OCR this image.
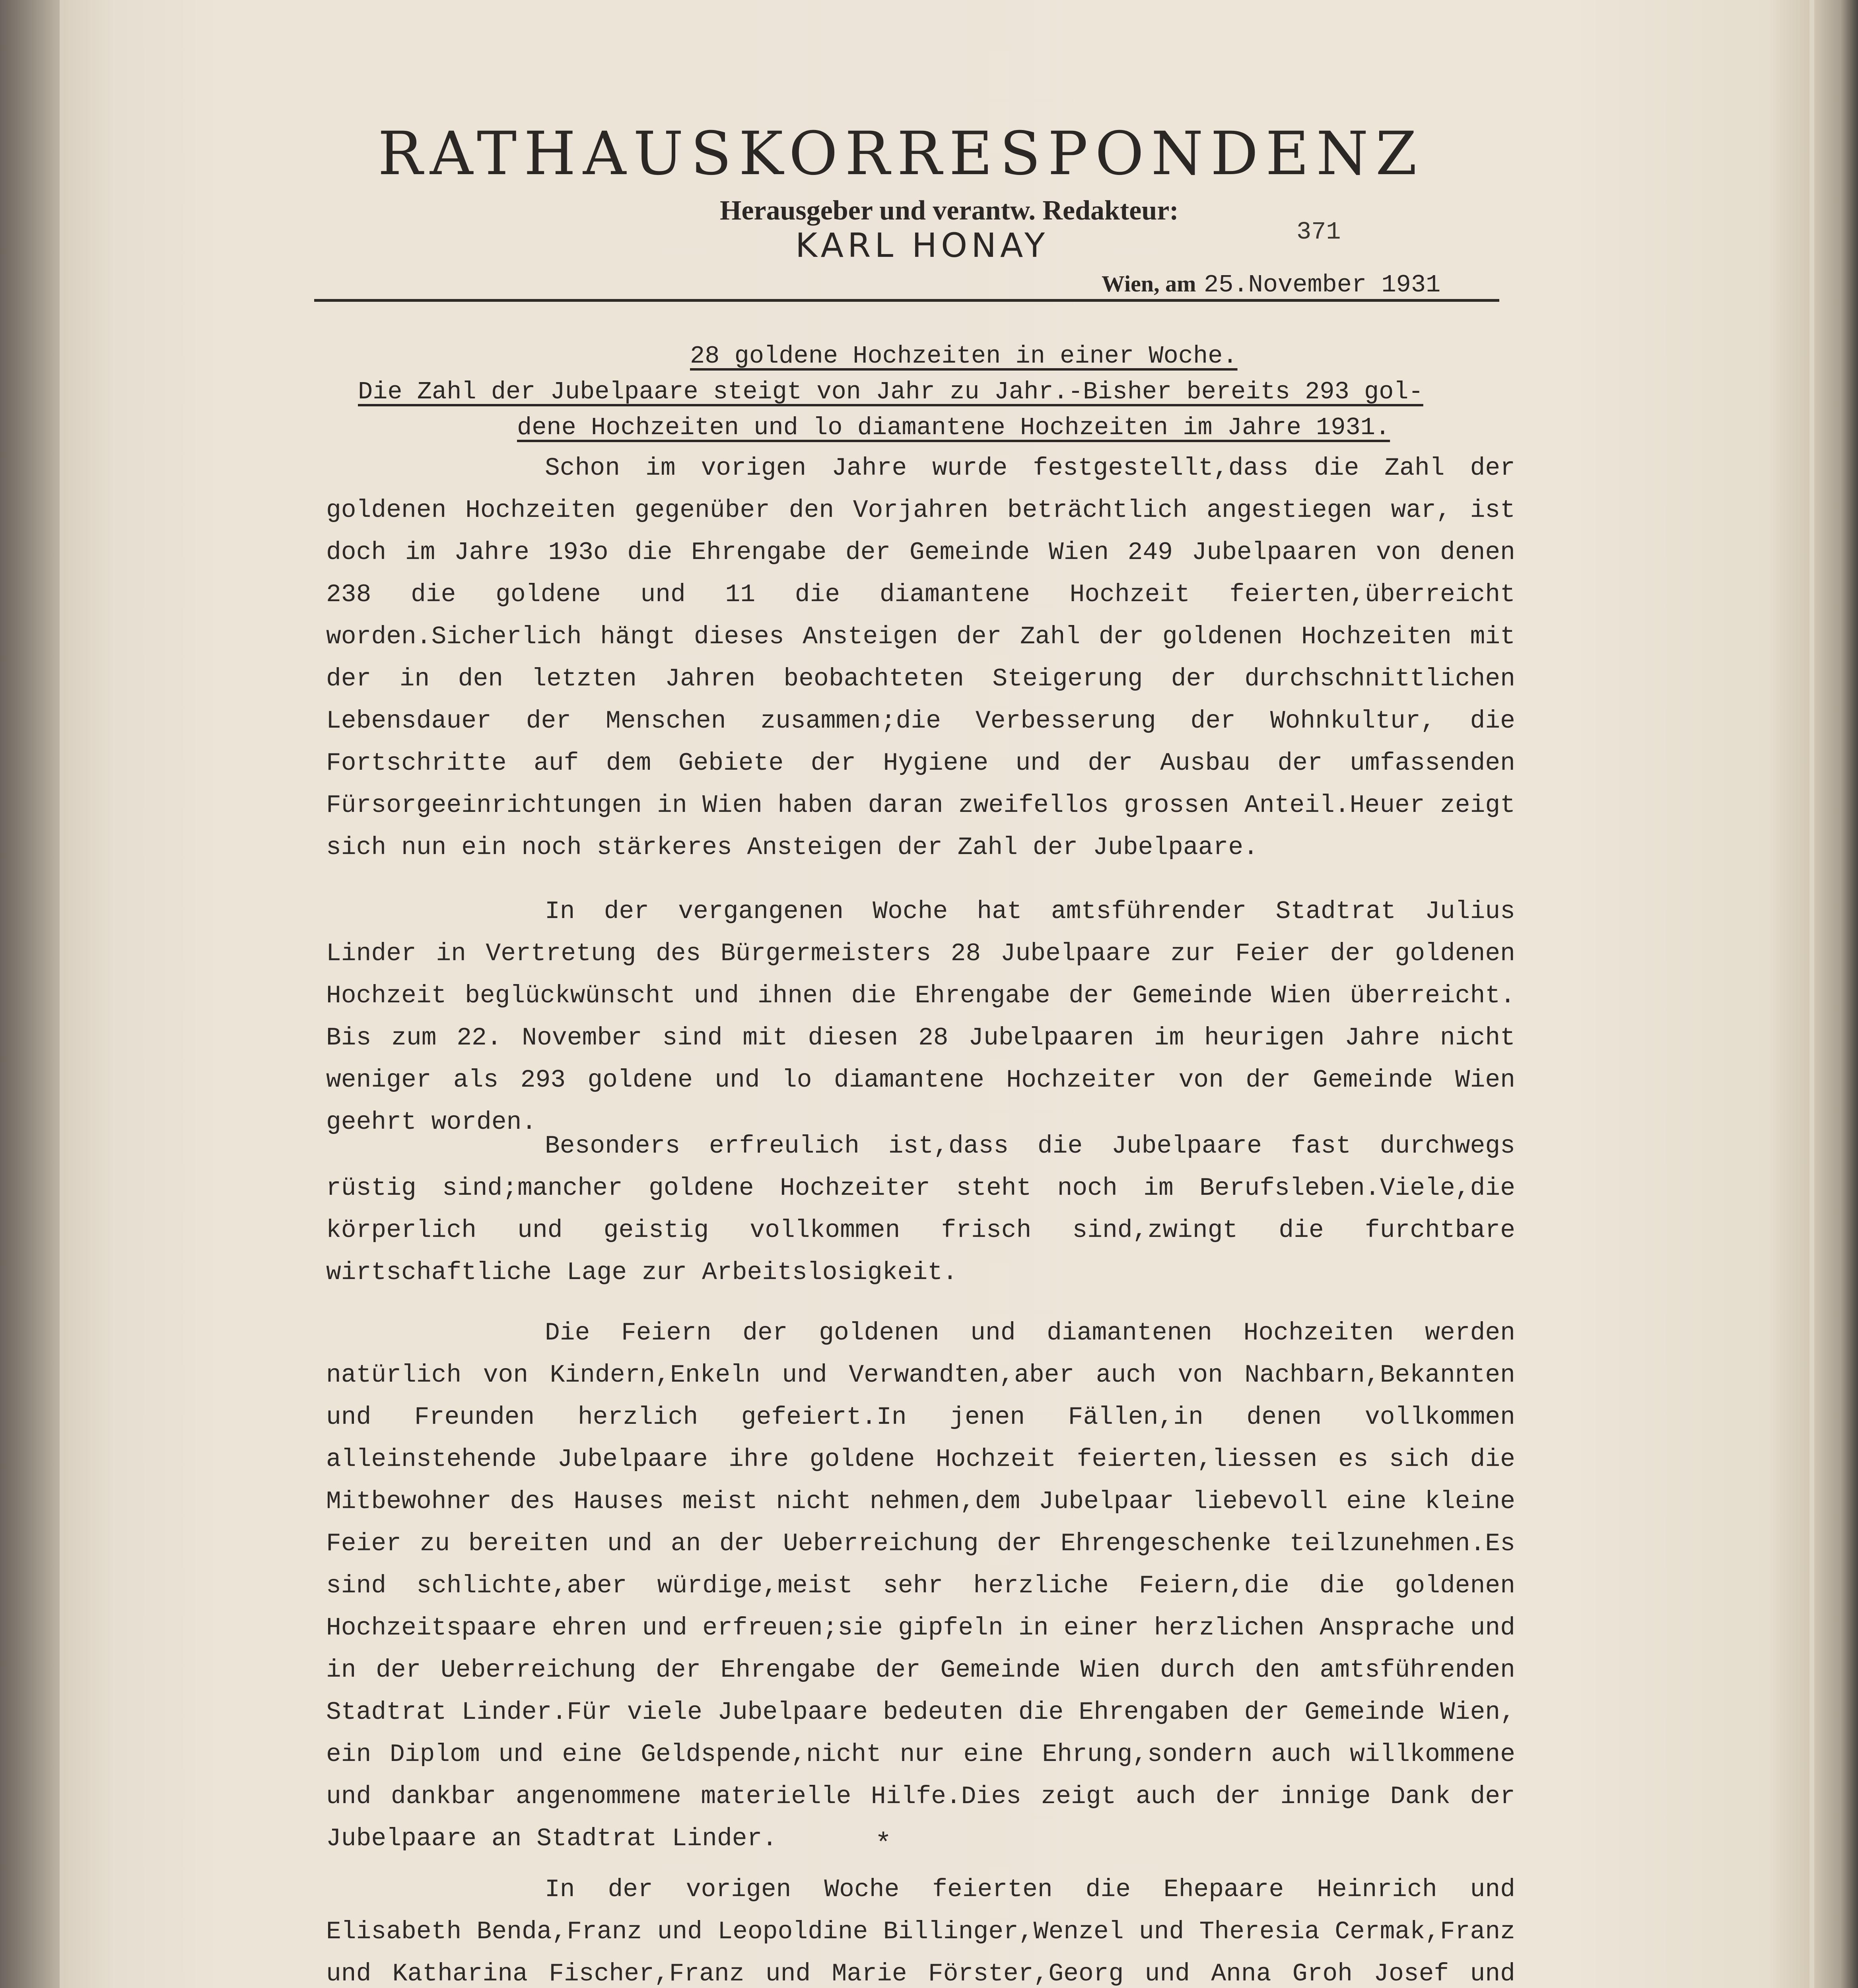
RATHAUSKORRESPONDENZ
Herausgeber und verantw. Redakteur:
KARL HONAY	371
Wien, am 25.November 1931
28 goldene Hochzeiten in einer Woche.
Die Zahl der Jubelpaare steigt von Jahr zu Jahr.-Bisher bereits 293 gol-
dene Hochzeiten und lo diamantene Hochzeiten im Jahre 1931.

Schon im vorigen Jahre wurde festgestellt,dass die Zahl der goldenen Hochzeiten gegenüber den Vorjahren beträchtlich angestiegen war, ist doch im Jahre 193o die Ehrengabe der Gemeinde Wien 249 Jubelpaaren von denen 238 die goldene und 11 die diamantene Hochzeit feierten,überreicht worden.Sicherlich hängt dieses Ansteigen der Zahl der goldenen Hochzeiten mit der in den letzten Jahren beobachteten Steigerung der durchschnittlichen Lebensdauer der Menschen zusammen;die Verbesserung der Wohnkultur, die Fortschritte auf dem Gebiete der Hygiene und der Ausbau der umfassenden Fürsorgeeinrichtungen in Wien haben daran zweifellos grossen Anteil.Heuer zeigt sich nun ein noch stärkeres Ansteigen der Zahl der Jubelpaare.

In der vergangenen Woche hat amtsführender Stadtrat Julius Linder in Vertretung des Bürgermeisters 28 Jubelpaare zur Feier der goldenen Hochzeit beglückwünscht und ihnen die Ehrengabe der Gemeinde Wien überreicht. Bis zum 22. November sind mit diesen 28 Jubelpaaren im heurigen Jahre nicht weniger als 293 goldene und lo diamantene Hochzeiter von der Gemeinde Wien geehrt worden.

Besonders erfreulich ist,dass die Jubelpaare fast durchwegs rüstig sind;mancher goldene Hochzeiter steht noch im Berufsleben.Viele,die körperlich und geistig vollkommen frisch sind,zwingt die furchtbare wirtschaftliche Lage zur Arbeitslosigkeit.

Die Feiern der goldenen und diamantenen Hochzeiten werden natürlich von Kindern,Enkeln und Verwandten,aber auch von Nachbarn,Bekannten und Freunden herzlich gefeiert.In jenen Fällen,in denen vollkommen alleinstehende Jubelpaare ihre goldene Hochzeit feierten,liessen es sich die Mitbewohner des Hauses meist nicht nehmen,dem Jubelpaar liebevoll eine kleine Feier zu bereiten und an der Ueberreichung der Ehrengeschenke teilzunehmen.Es sind schlichte,aber würdige,meist sehr herzliche Feiern,die die goldenen Hochzeitspaare ehren und erfreuen;sie gipfeln in einer herzlichen Ansprache und in der Ueberreichung der Ehrengabe der Gemeinde Wien durch den amtsführenden Stadtrat Linder.Für viele Jubelpaare bedeuten die Ehrengaben der Gemeinde Wien, ein Diplom und eine Geldspende,nicht nur eine Ehrung,sondern auch willkommene und dankbar angenommene materielle Hilfe.Dies zeigt auch der innige Dank der Jubelpaare an Stadtrat Linder.	*

In der vorigen Woche feierten die Ehepaare Heinrich und Elisabeth Benda,Franz und Leopoldine Billinger,Wenzel und Theresia Cermak,Franz und Katharina Fischer,Franz und Marie Förster,Georg und Anna Groh Josef und
